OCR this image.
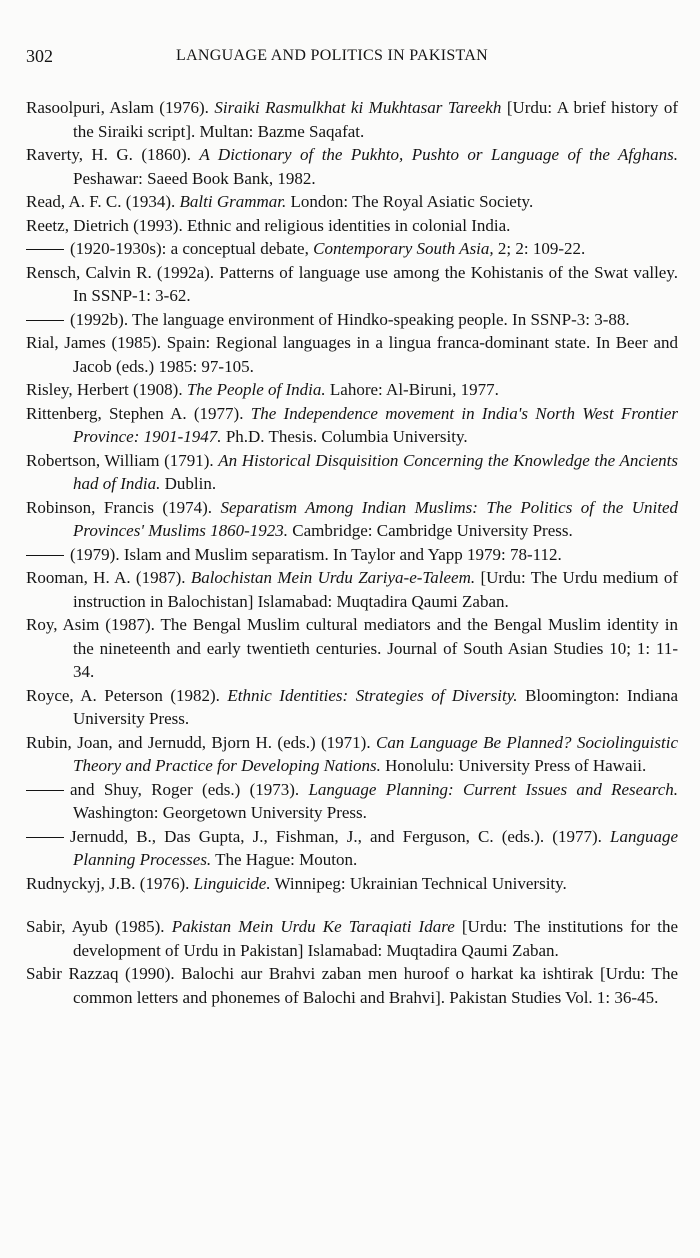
302	LANGUAGE AND POLITICS IN PAKISTAN

Rasoolpuri, Aslam (1976). Siraiki Rasmulkhat ki Mukhtasar Tareekh [Urdu: A brief history of the Siraiki script]. Multan: Bazme Saqafat.

Raverty, H. G. (1860). A Dictionary of the Pukhto, Pushto or Language of the Afghans. Peshawar: Saeed Book Bank, 1982.

Read, A. F. C. (1934). Balti Grammar. London: The Royal Asiatic Society.

Reetz, Dietrich (1993). Ethnic and religious identities in colonial India.

(1920-1930s): a conceptual debate, Contemporary South Asia, 2; 2: 109-22.

Rensch, Calvin R. (1992a). Patterns of language use among the Kohistanis of the Swat valley. In SSNP-1: 3-62.

(1992b). The language environment of Hindko-speaking people. In SSNP-3: 3-88.

Rial, James (1985). Spain: Regional languages in a lingua franca-dominant state. In Beer and Jacob (eds.) 1985: 97-105.

Risley, Herbert (1908). The People of India. Lahore: Al-Biruni, 1977.

Rittenberg, Stephen A. (1977). The Independence movement in India's North West Frontier Province: 1901-1947. Ph.D. Thesis. Columbia University.

Robertson, William (1791). An Historical Disquisition Concerning the Knowledge the Ancients had of India. Dublin.

Robinson, Francis (1974). Separatism Among Indian Muslims: The Politics of the United Provinces' Muslims 1860-1923. Cambridge: Cambridge University Press.

(1979). Islam and Muslim separatism. In Taylor and Yapp 1979: 78-112.

Rooman, H. A. (1987). Balochistan Mein Urdu Zariya-e-Taleem. [Urdu: The Urdu medium of instruction in Balochistan] Islamabad: Muqtadira Qaumi Zaban.

Roy, Asim (1987). The Bengal Muslim cultural mediators and the Bengal Muslim identity in the nineteenth and early twentieth centuries. Journal of South Asian Studies 10; 1: 11-34.

Royce, A. Peterson (1982). Ethnic Identities: Strategies of Diversity. Bloomington: Indiana University Press.

Rubin, Joan, and Jernudd, Bjorn H. (eds.) (1971). Can Language Be Planned? Sociolinguistic Theory and Practice for Developing Nations. Honolulu: University Press of Hawaii.

and Shuy, Roger (eds.) (1973). Language Planning: Current Issues and Research. Washington: Georgetown University Press.

Jernudd, B., Das Gupta, J., Fishman, J., and Ferguson, C. (eds.). (1977). Language Planning Processes. The Hague: Mouton.

Rudnyckyj, J.B. (1976). Linguicide. Winnipeg: Ukrainian Technical University.

Sabir, Ayub (1985). Pakistan Mein Urdu Ke Taraqiati Idare [Urdu: The institutions for the development of Urdu in Pakistan] Islamabad: Muqtadira Qaumi Zaban.

Sabir Razzaq (1990). Balochi aur Brahvi zaban men huroof o harkat ka ishtirak [Urdu: The common letters and phonemes of Balochi and Brahvi]. Pakistan Studies Vol. 1: 36-45.
